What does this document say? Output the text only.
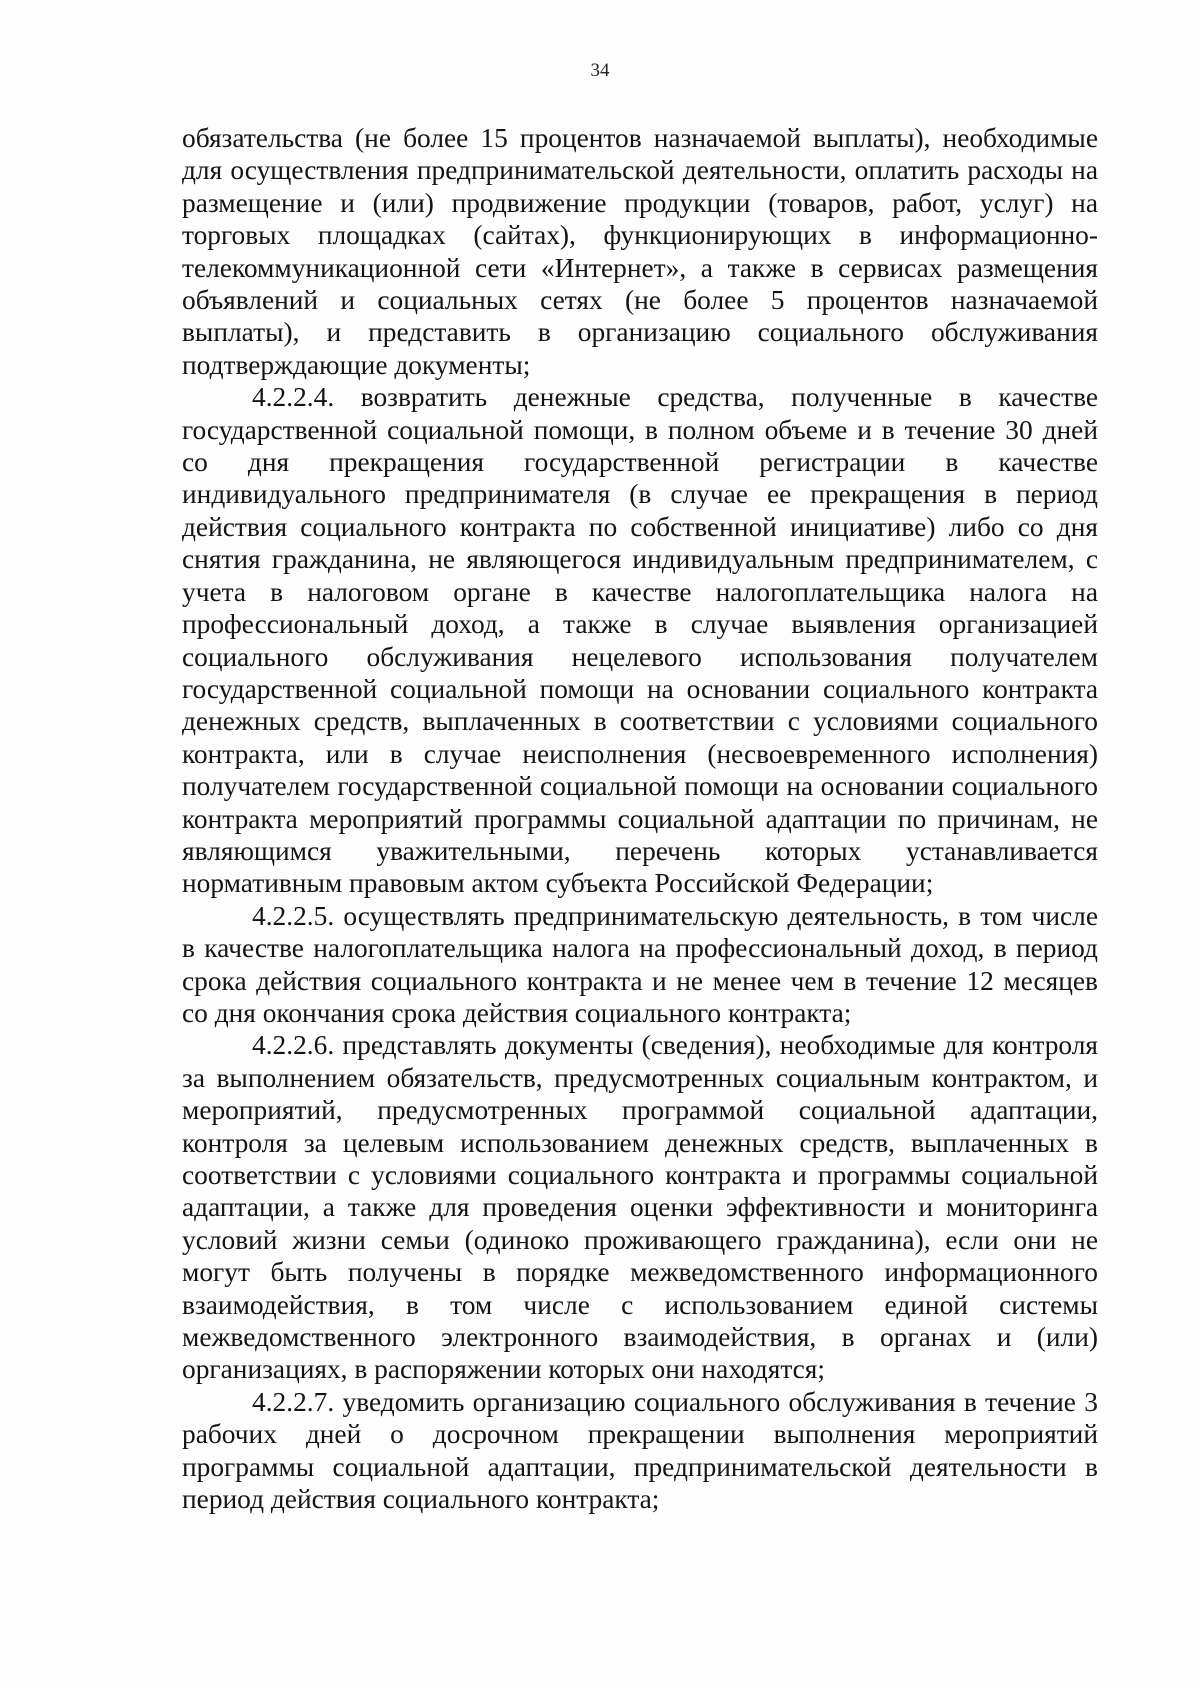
34

обязательства (не более 15 процентов назначаемой выплаты), необходимые для осуществления предпринимательской деятельности, оплатить расходы на размещение и (или) продвижение продукции (товаров, работ, услуг) на торговых площадках (сайтах), функционирующих в информационно-телекоммуникационной сети «Интернет», а также в сервисах размещения объявлений и социальных сетях (не более 5 процентов назначаемой выплаты), и представить в организацию социального обслуживания подтверждающие документы;

4.2.2.4. возвратить денежные средства, полученные в качестве государственной социальной помощи, в полном объеме и в течение 30 дней со дня прекращения государственной регистрации в качестве индивидуального предпринимателя (в случае ее прекращения в период действия социального контракта по собственной инициативе) либо со дня снятия гражданина, не являющегося индивидуальным предпринимателем, с учета в налоговом органе в качестве налогоплательщика налога на профессиональный доход, а также в случае выявления организацией социального обслуживания нецелевого использования получателем государственной социальной помощи на основании социального контракта денежных средств, выплаченных в соответствии с условиями социального контракта, или в случае неисполнения (несвоевременного исполнения) получателем государственной социальной помощи на основании социального контракта мероприятий программы социальной адаптации по причинам, не являющимся уважительными, перечень которых устанавливается нормативным правовым актом субъекта Российской Федерации;

4.2.2.5. осуществлять предпринимательскую деятельность, в том числе в качестве налогоплательщика налога на профессиональный доход, в период срока действия социального контракта и не менее чем в течение 12 месяцев со дня окончания срока действия социального контракта;

4.2.2.6. представлять документы (сведения), необходимые для контроля за выполнением обязательств, предусмотренных социальным контрактом, и мероприятий, предусмотренных программой социальной адаптации, контроля за целевым использованием денежных средств, выплаченных в соответствии с условиями социального контракта и программы социальной адаптации, а также для проведения оценки эффективности и мониторинга условий жизни семьи (одиноко проживающего гражданина), если они не могут быть получены в порядке межведомственного информационного взаимодействия, в том числе с использованием единой системы межведомственного электронного взаимодействия, в органах и (или) организациях, в распоряжении которых они находятся;

4.2.2.7. уведомить организацию социального обслуживания в течение 3 рабочих дней о досрочном прекращении выполнения мероприятий программы социальной адаптации, предпринимательской деятельности в период действия социального контракта;
